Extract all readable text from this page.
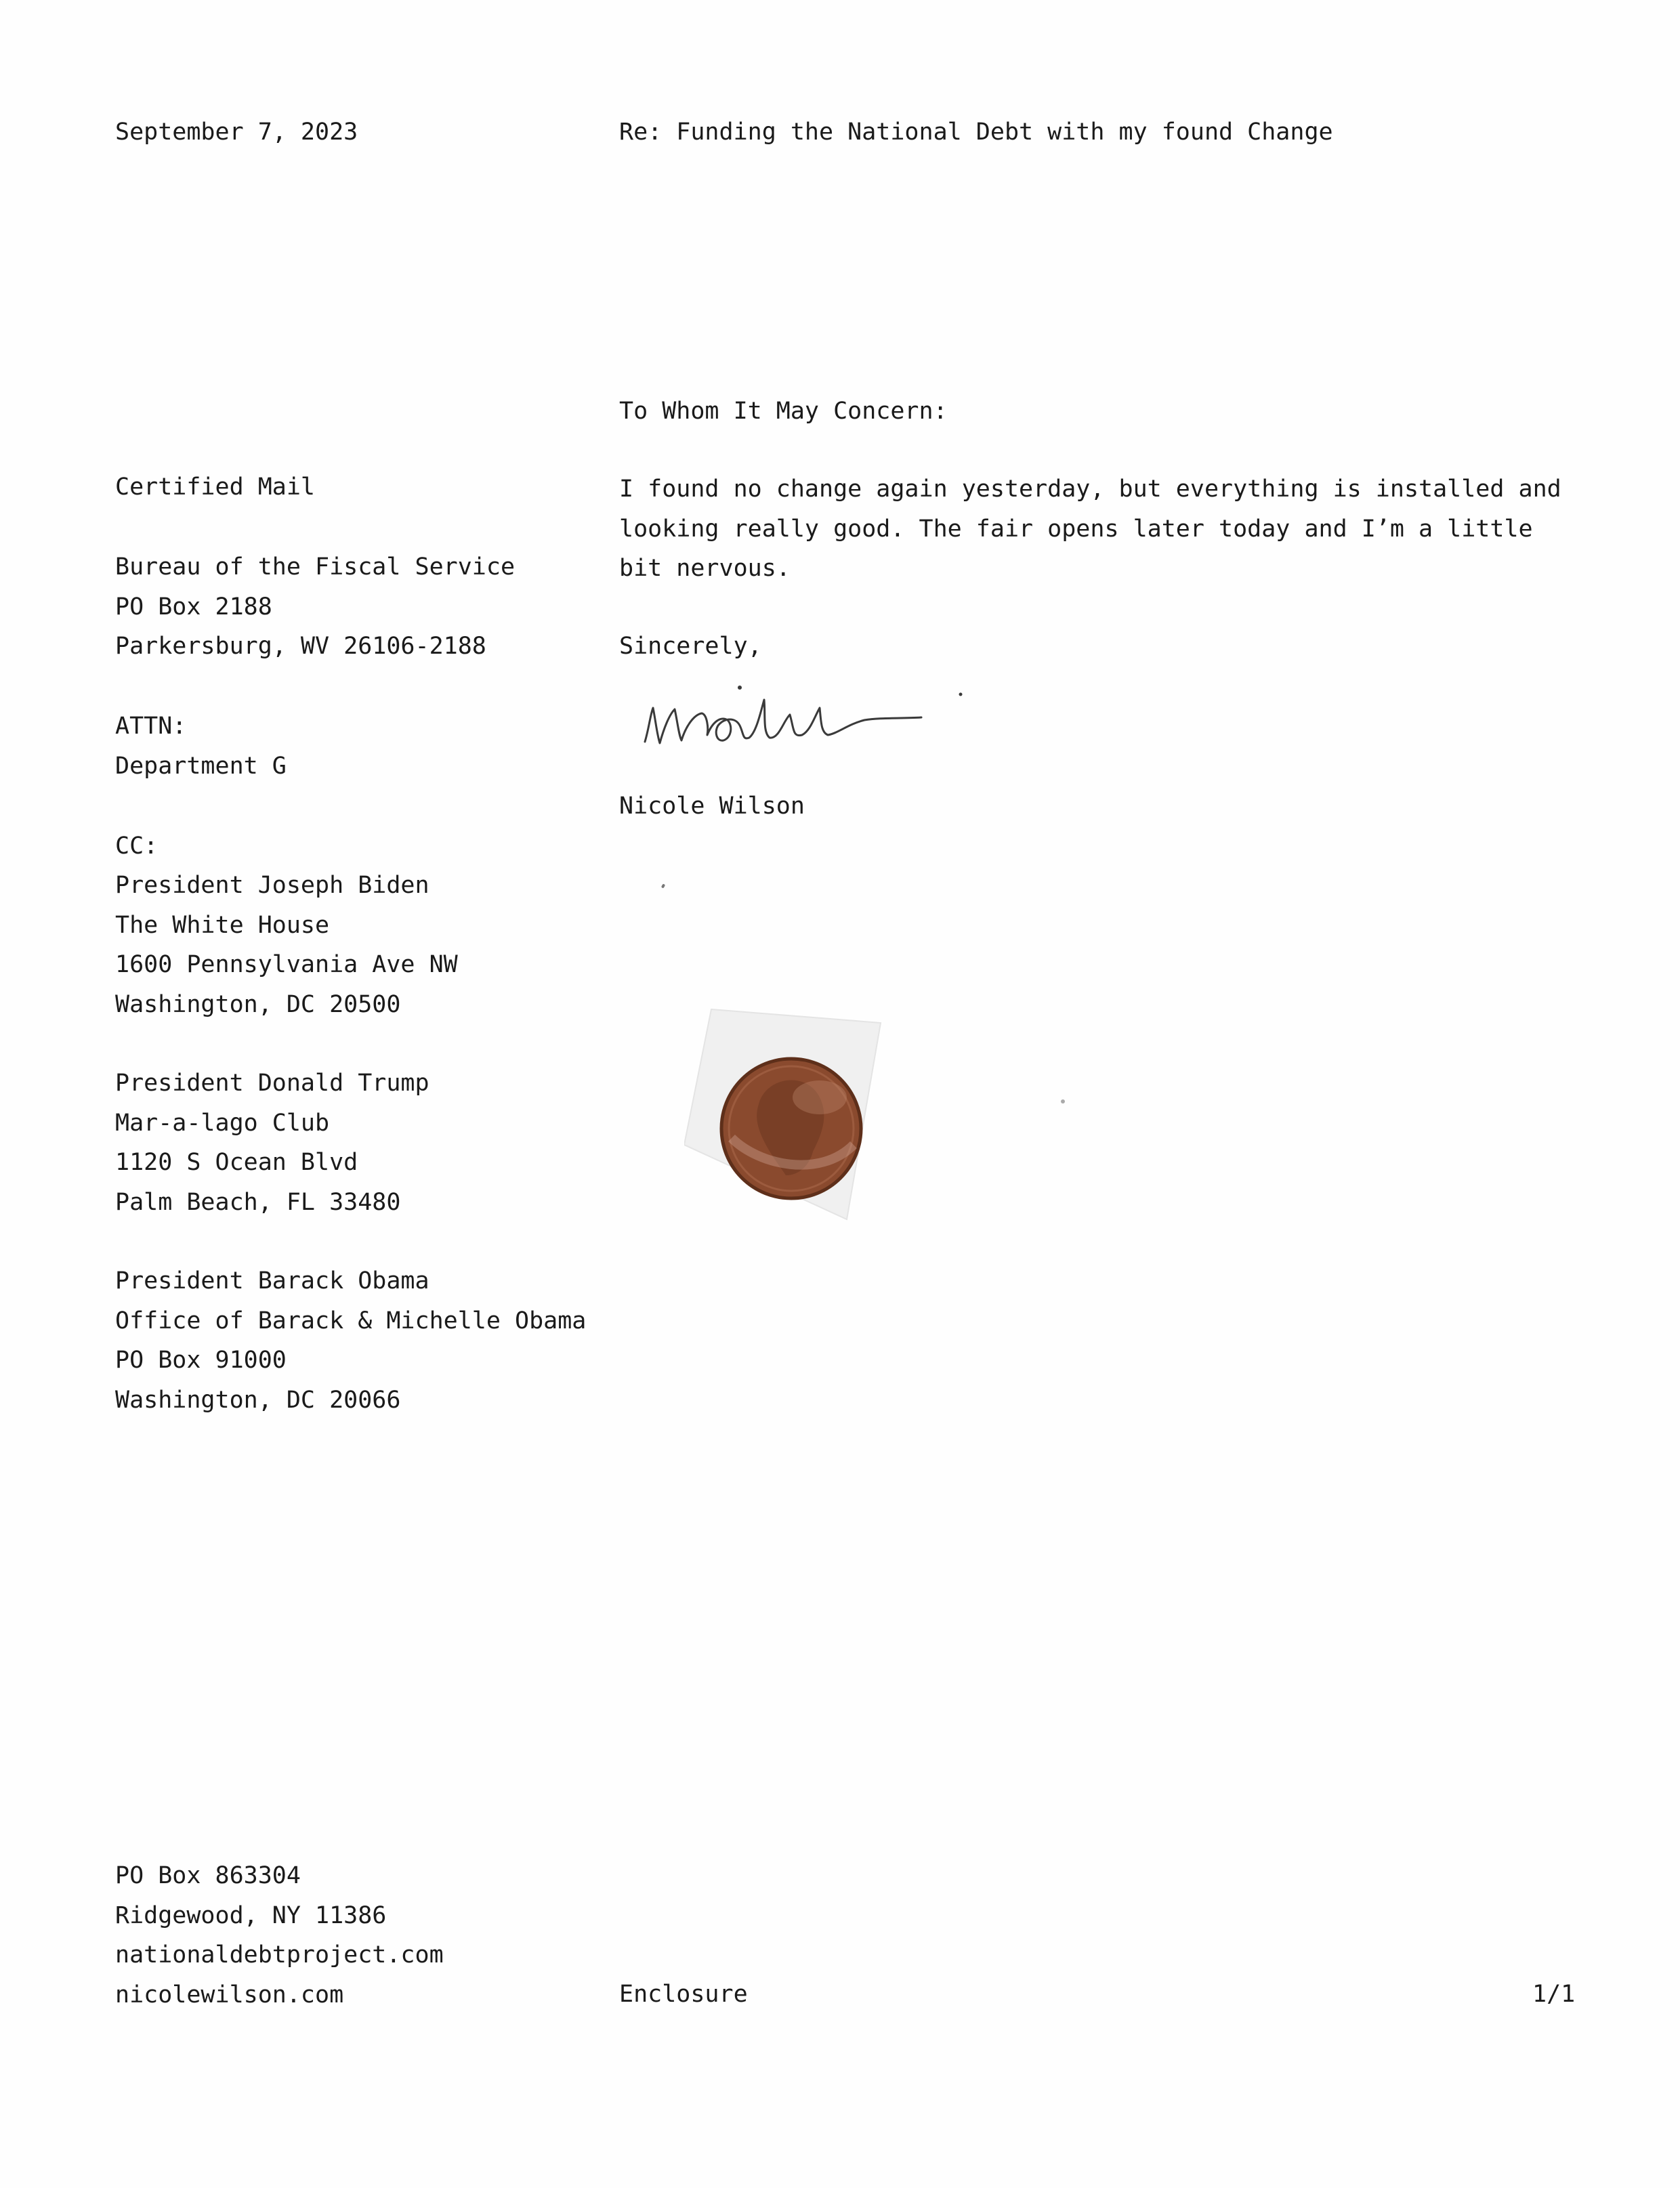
September 7, 2023	Re: Funding the National Debt with my found Change
To Whom It May Concern:
I found no change again yesterday, but everything is installed and
looking really good. The fair opens later today and I’m a little
bit nervous.
Sincerely,
Nicole Wilson
Certified Mail
Bureau of the Fiscal Service
PO Box 2188
Parkersburg, WV 26106-2188
ATTN:
Department G
CC:
President Joseph Biden
The White House
1600 Pennsylvania Ave NW
Washington, DC 20500
President Donald Trump
Mar-a-lago Club
1120 S Ocean Blvd
Palm Beach, FL 33480
President Barack Obama
Office of Barack & Michelle Obama
PO Box 91000
Washington, DC 20066
PO Box 863304
Ridgewood, NY 11386
nationaldebtproject.com
nicolewilson.com	Enclosure	1/1
